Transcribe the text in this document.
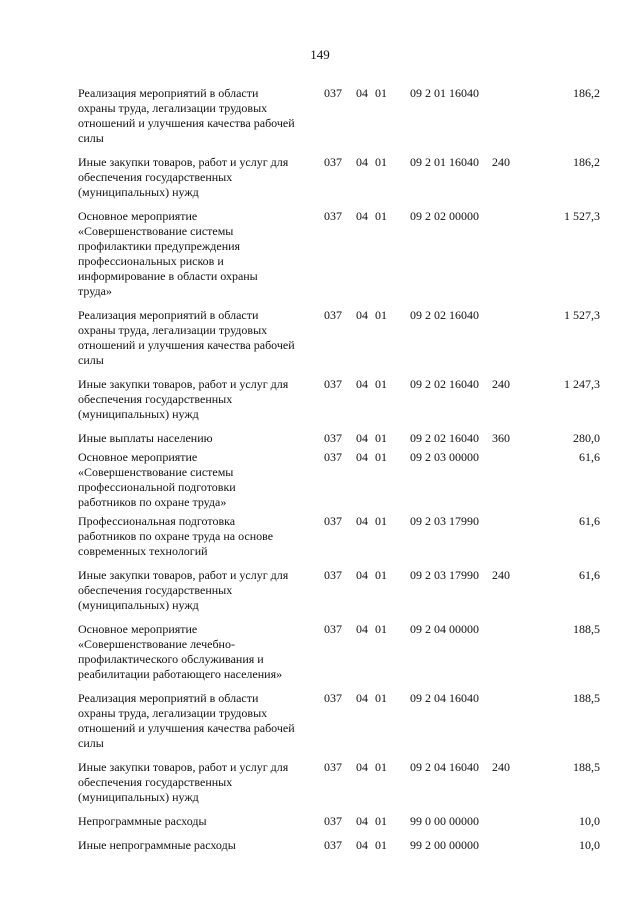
149
Реализация мероприятий в области
охраны труда, легализации трудовых
отношений и улучшения качества рабочей
силы
037 04 01 09 2 01 16040	186,2
Иные закупки товаров, работ и услуг для
обеспечения государственных
(муниципальных) нужд
037 04 01 09 2 01 16040 240	186,2
Основное мероприятие
«Совершенствование системы
профилактики предупреждения
профессиональных рисков и
информирование в области охраны
труда»
037 04 01 09 2 02 00000	1 527,3
Реализация мероприятий в области
охраны труда, легализации трудовых
отношений и улучшения качества рабочей
силы
037 04 01 09 2 02 16040	1 527,3
Иные закупки товаров, работ и услуг для
обеспечения государственных
(муниципальных) нужд
037 04 01 09 2 02 16040 240	1 247,3
Иные выплаты населению	037 04 01 09 2 02 16040 360	280,0
Основное мероприятие
«Совершенствование системы
профессиональной подготовки
работников по охране труда»
037 04 01 09 2 03 00000	61,6
Профессиональная подготовка
работников по охране труда на основе
современных технологий
037 04 01 09 2 03 17990	61,6
Иные закупки товаров, работ и услуг для
обеспечения государственных
(муниципальных) нужд
037 04 01 09 2 03 17990 240	61,6
Основное мероприятие
«Совершенствование лечебно-
профилактического обслуживания и
реабилитации работающего населения»
037 04 01 09 2 04 00000	188,5
Реализация мероприятий в области
охраны труда, легализации трудовых
отношений и улучшения качества рабочей
силы
037 04 01 09 2 04 16040	188,5
Иные закупки товаров, работ и услуг для
обеспечения государственных
(муниципальных) нужд
037 04 01 09 2 04 16040 240	188,5
Непрограммные расходы	037 04 01 99 0 00 00000	10,0
Иные непрограммные расходы	037 04 01 99 2 00 00000	10,0
